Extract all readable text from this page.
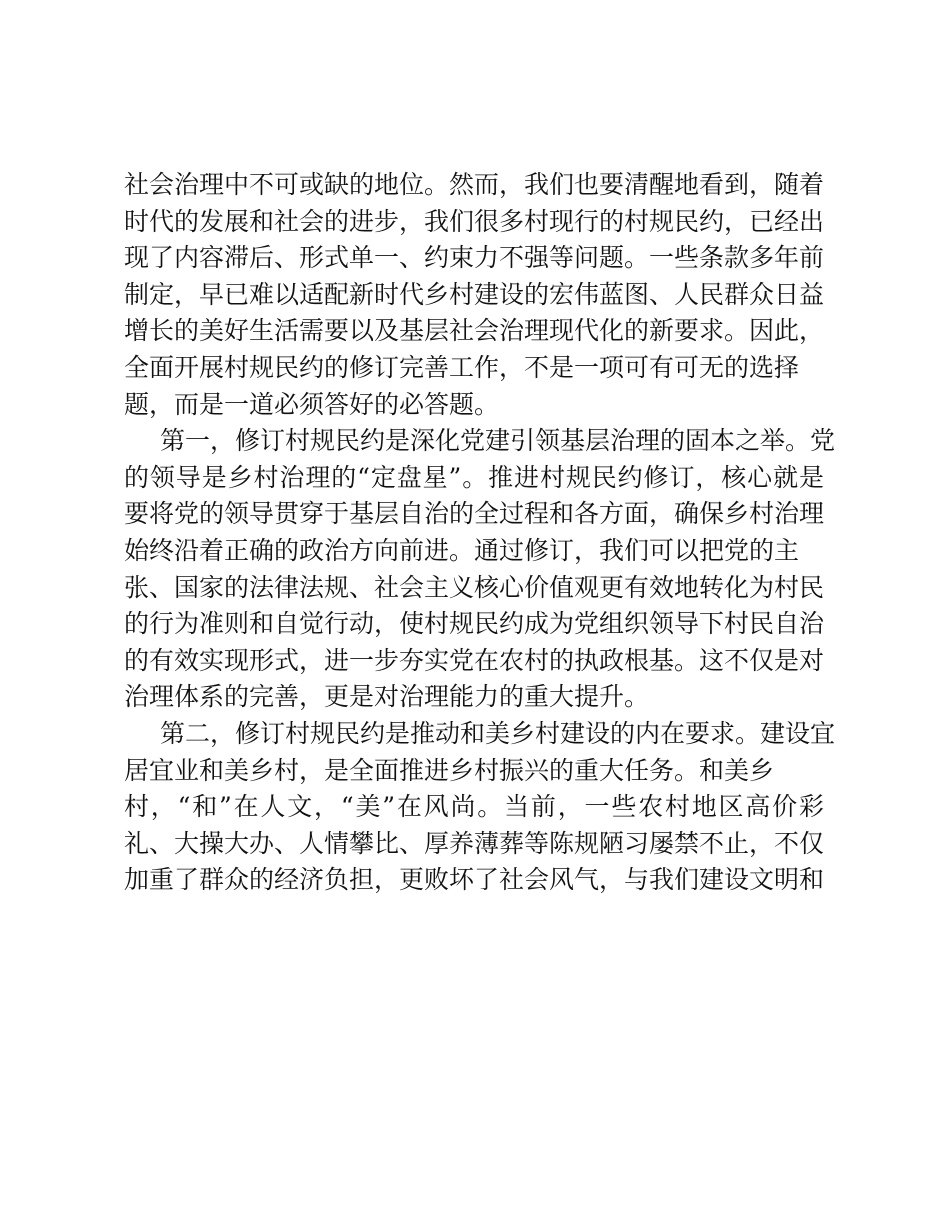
社会治理中不可或缺的地位。然而，我们也要清醒地看到，随着
时代的发展和社会的进步，我们很多村现行的村规民约，已经出
现了内容滞后、形式单一、约束力不强等问题。一些条款多年前
制定，早已难以适配新时代乡村建设的宏伟蓝图、人民群众日益
增长的美好生活需要以及基层社会治理现代化的新要求。因此，
全面开展村规民约的修订完善工作，不是一项可有可无的选择
题，而是一道必须答好的必答题。
第一，修订村规民约是深化党建引领基层治理的固本之举。党
的领导是乡村治理的“定盘星”。推进村规民约修订，核心就是
要将党的领导贯穿于基层自治的全过程和各方面，确保乡村治理
始终沿着正确的政治方向前进。通过修订，我们可以把党的主
张、国家的法律法规、社会主义核心价值观更有效地转化为村民
的行为准则和自觉行动，使村规民约成为党组织领导下村民自治
的有效实现形式，进一步夯实党在农村的执政根基。这不仅是对
治理体系的完善，更是对治理能力的重大提升。
第二，修订村规民约是推动和美乡村建设的内在要求。建设宜
居宜业和美乡村，是全面推进乡村振兴的重大任务。和美乡
村，“和”在人文，“美”在风尚。当前，一些农村地区高价彩
礼、大操大办、人情攀比、厚养薄葬等陈规陋习屡禁不止，不仅
加重了群众的经济负担，更败坏了社会风气，与我们建设文明和
